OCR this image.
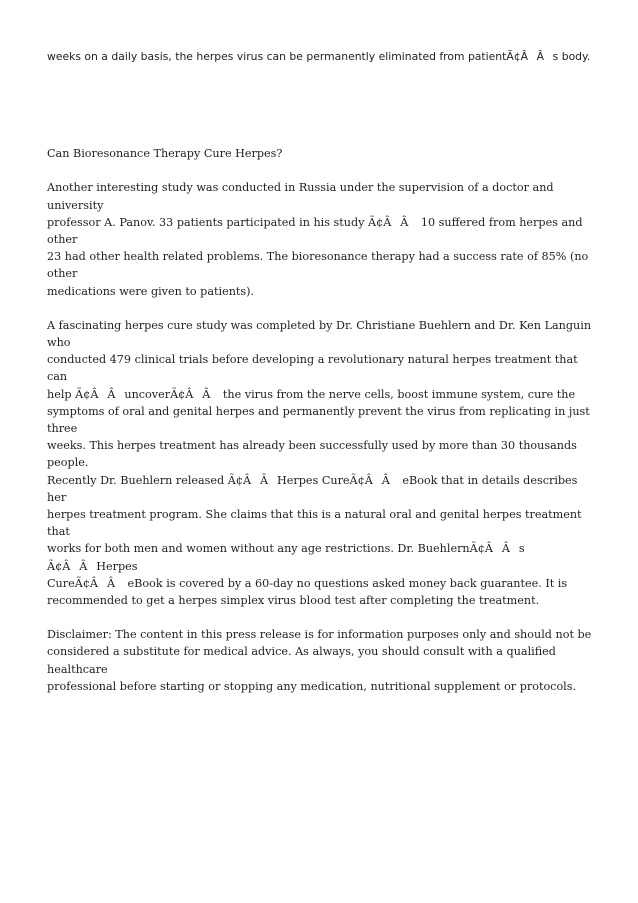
weeks on a daily basis, the herpes virus can be permanently eliminated from patientÃ¢ÂÂs body.

Can Bioresonance Therapy Cure Herpes?

Another interesting study was conducted in Russia under the supervision of a doctor and university
professor A. Panov. 33 patients participated in his study Ã¢ÂÂ 10 suffered from herpes and other
23 had other health related problems. The bioresonance therapy had a success rate of 85% (no other
medications were given to patients).

A fascinating herpes cure study was completed by Dr. Christiane Buehlern and Dr. Ken Languin who
conducted 479 clinical trials before developing a revolutionary natural herpes treatment that can
help Ã¢ÂÂuncoverÃ¢ÂÂ the virus from the nerve cells, boost immune system, cure the
symptoms of oral and genital herpes and permanently prevent the virus from replicating in just three
weeks. This herpes treatment has already been successfully used by more than 30 thousands people.
Recently Dr. Buehlern released Ã¢ÂÂHerpes CureÃ¢ÂÂ eBook that in details describes her
herpes treatment program. She claims that this is a natural oral and genital herpes treatment that
works for both men and women without any age restrictions. Dr. BuehlernÃ¢ÂÂs Ã¢ÂÂHerpes
CureÃ¢ÂÂ eBook is covered by a 60-day no questions asked money back guarantee. It is
recommended to get a herpes simplex virus blood test after completing the treatment.

Disclaimer: The content in this press release is for information purposes only and should not be
considered a substitute for medical advice. As always, you should consult with a qualified healthcare
professional before starting or stopping any medication, nutritional supplement or protocols.
